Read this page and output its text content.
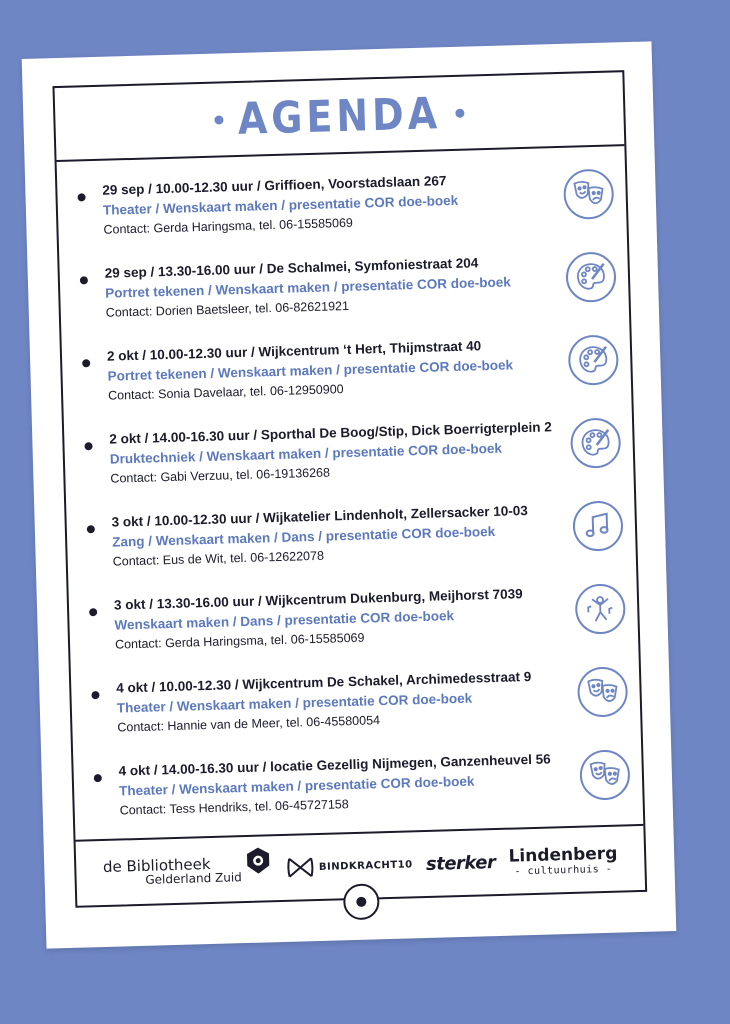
AGENDA
29 sep / 10.00-12.30 uur / Griffioen, Voorstadslaan 267
Theater / Wenskaart maken / presentatie COR doe-boek
Contact: Gerda Haringsma, tel. 06-15585069
29 sep / 13.30-16.00 uur / De Schalmei, Symfoniestraat 204
Portret tekenen / Wenskaart maken / presentatie COR doe-boek
Contact: Dorien Baetsleer, tel. 06-82621921
2 okt / 10.00-12.30 uur / Wijkcentrum ‘t Hert, Thijmstraat 40
Portret tekenen / Wenskaart maken / presentatie COR doe-boek
Contact: Sonia Davelaar, tel. 06-12950900
2 okt / 14.00-16.30 uur / Sporthal De Boog/Stip, Dick Boerrigterplein 2
Druktechniek / Wenskaart maken / presentatie COR doe-boek
Contact: Gabi Verzuu, tel. 06-19136268
3 okt / 10.00-12.30 uur / Wijkatelier Lindenholt, Zellersacker 10-03
Zang / Wenskaart maken / Dans / presentatie COR doe-boek
Contact: Eus de Wit, tel. 06-12622078
3 okt / 13.30-16.00 uur / Wijkcentrum Dukenburg, Meijhorst 7039
Wenskaart maken / Dans / presentatie COR doe-boek
Contact: Gerda Haringsma, tel. 06-15585069
4 okt / 10.00-12.30 / Wijkcentrum De Schakel, Archimedesstraat 9
Theater / Wenskaart maken / presentatie COR doe-boek
Contact: Hannie van de Meer, tel. 06-45580054
4 okt / 14.00-16.30 uur / locatie Gezellig Nijmegen, Ganzenheuvel 56
Theater / Wenskaart maken / presentatie COR doe-boek
Contact: Tess Hendriks, tel. 06-45727158
de Bibliotheek
Gelderland Zuid
BINDKRACHT10 sterker Lindenberg
- cultuurhuis -
